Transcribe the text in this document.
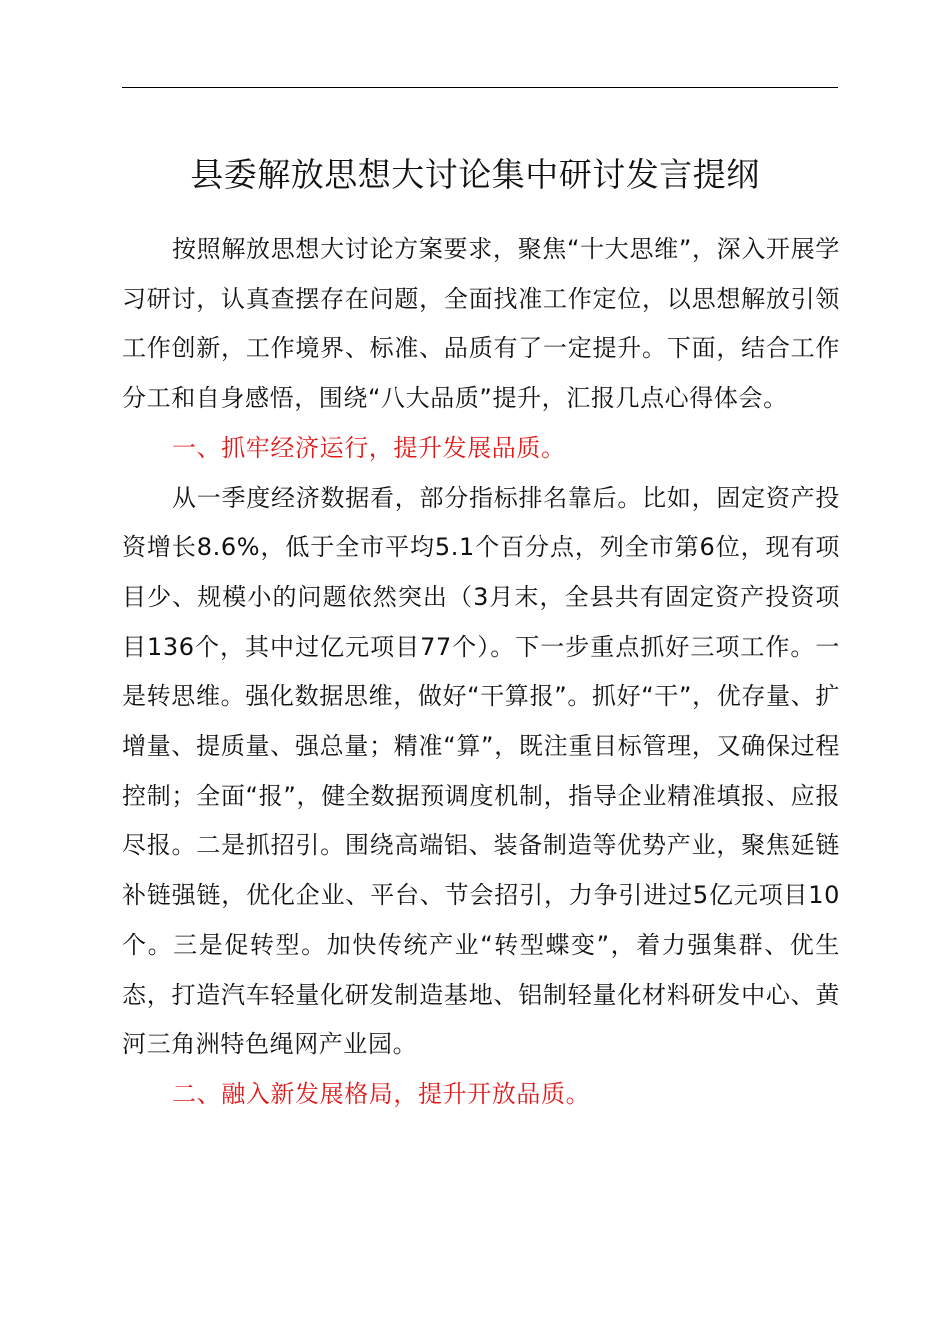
县委解放思想大讨论集中研讨发言提纲

按照解放思想大讨论方案要求，聚焦“十大思维”，深入开展学习研讨，认真查摆存在问题，全面找准工作定位，以思想解放引领工作创新，工作境界、标准、品质有了一定提升。下面，结合工作分工和自身感悟，围绕“八大品质”提升，汇报几点心得体会。

一、抓牢经济运行，提升发展品质。

从一季度经济数据看，部分指标排名靠后。比如，固定资产投资增长8.6%，低于全市平均5.1个百分点，列全市第6位，现有项目少、规模小的问题依然突出（3月末，全县共有固定资产投资项目136个，其中过亿元项目77个）。下一步重点抓好三项工作。一是转思维。强化数据思维，做好“干算报”。抓好“干”，优存量、扩增量、提质量、强总量；精准“算”，既注重目标管理，又确保过程控制；全面“报”，健全数据预调度机制，指导企业精准填报、应报尽报。二是抓招引。围绕高端铝、装备制造等优势产业，聚焦延链补链强链，优化企业、平台、节会招引，力争引进过5亿元项目10个。三是促转型。加快传统产业“转型蝶变”，着力强集群、优生态，打造汽车轻量化研发制造基地、铝制轻量化材料研发中心、黄河三角洲特色绳网产业园。

二、融入新发展格局，提升开放品质。
